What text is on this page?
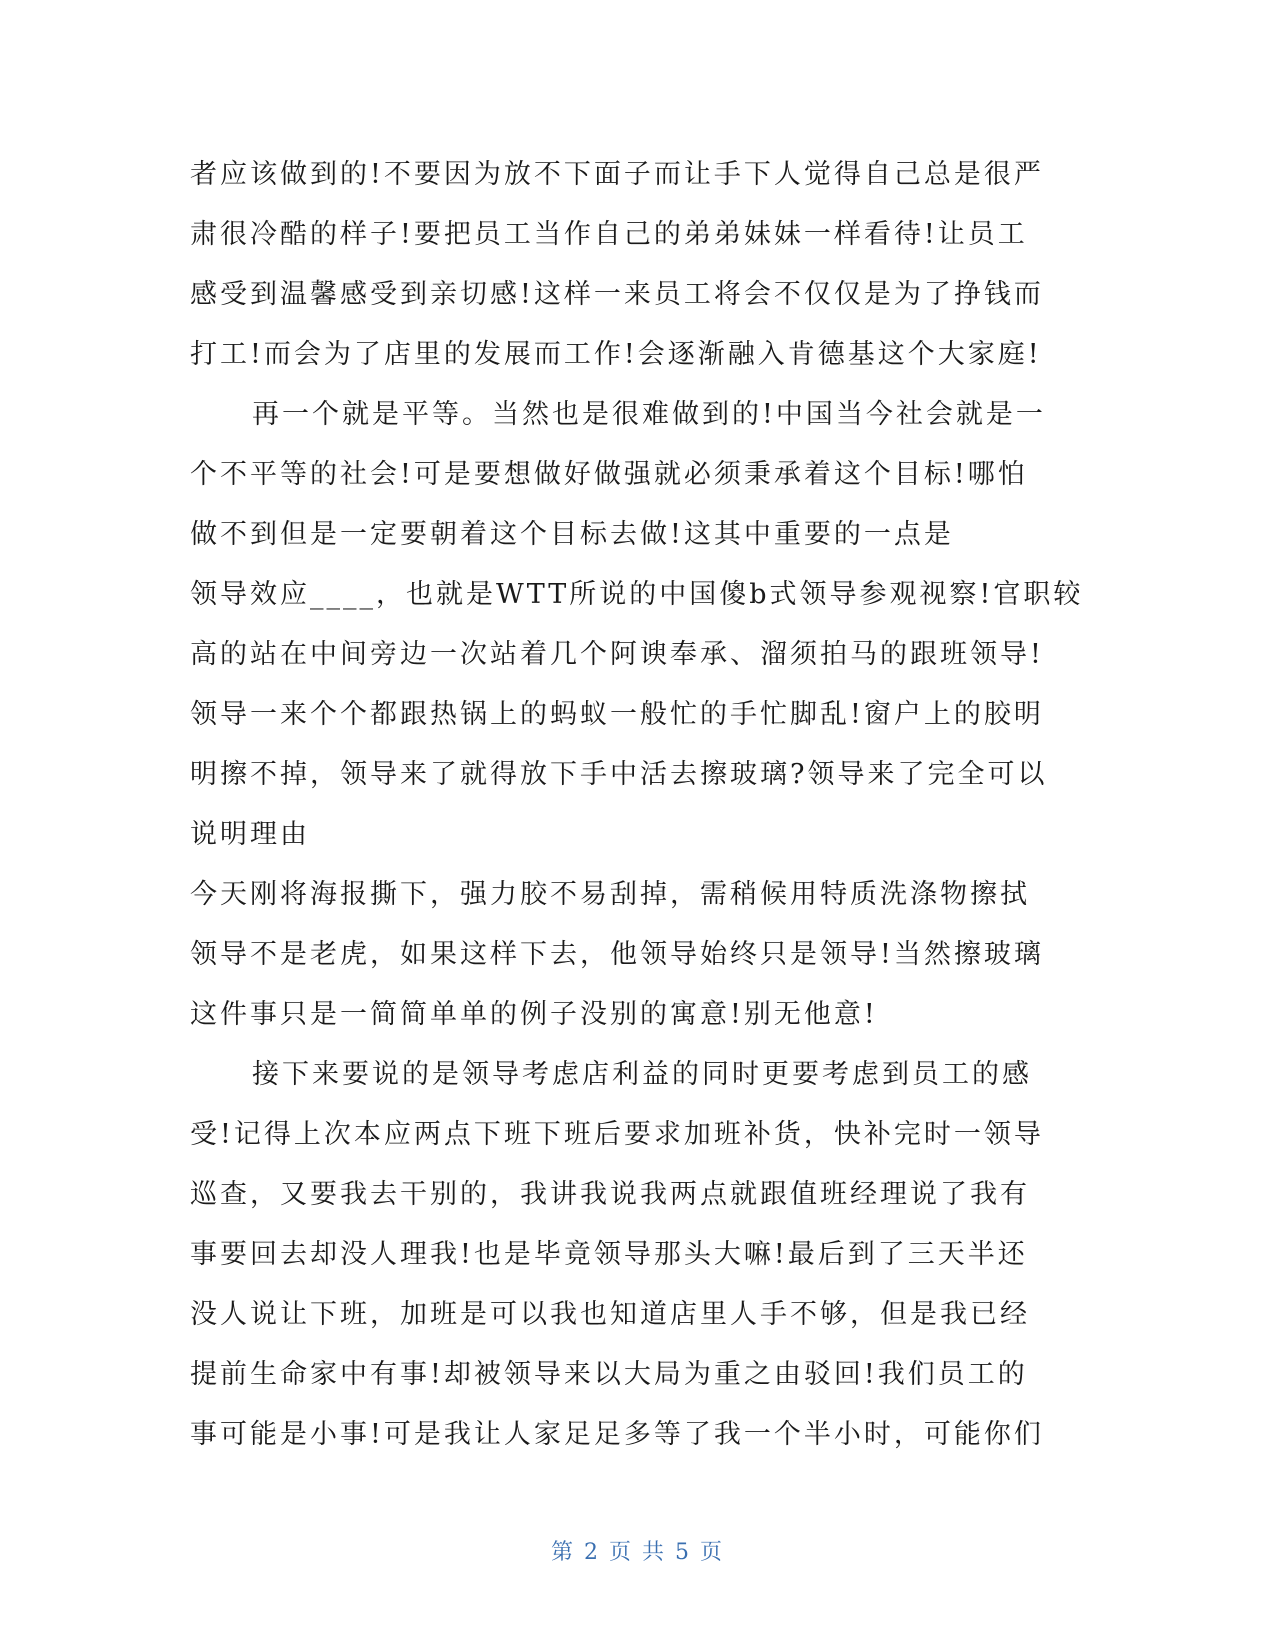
者应该做到的!不要因为放不下面子而让手下人觉得自己总是很严
肃很冷酷的样子!要把员工当作自己的弟弟妹妹一样看待!让员工
感受到温馨感受到亲切感!这样一来员工将会不仅仅是为了挣钱而
打工!而会为了店里的发展而工作!会逐渐融入肯德基这个大家庭!
再一个就是平等。当然也是很难做到的!中国当今社会就是一
个不平等的社会!可是要想做好做强就必须秉承着这个目标!哪怕
做不到但是一定要朝着这个目标去做!这其中重要的一点是
领导效应____，也就是WTT所说的中国傻b式领导参观视察!官职较
高的站在中间旁边一次站着几个阿谀奉承、溜须拍马的跟班领导!
领导一来个个都跟热锅上的蚂蚁一般忙的手忙脚乱!窗户上的胶明
明擦不掉，领导来了就得放下手中活去擦玻璃?领导来了完全可以
说明理由
今天刚将海报撕下，强力胶不易刮掉，需稍候用特质洗涤物擦拭
领导不是老虎，如果这样下去，他领导始终只是领导!当然擦玻璃
这件事只是一简简单单的例子没别的寓意!别无他意!
接下来要说的是领导考虑店利益的同时更要考虑到员工的感
受!记得上次本应两点下班下班后要求加班补货，快补完时一领导
巡查，又要我去干别的，我讲我说我两点就跟值班经理说了我有
事要回去却没人理我!也是毕竟领导那头大嘛!最后到了三天半还
没人说让下班，加班是可以我也知道店里人手不够，但是我已经
提前生命家中有事!却被领导来以大局为重之由驳回!我们员工的
事可能是小事!可是我让人家足足多等了我一个半小时，可能你们
第 2 页 共 5 页
